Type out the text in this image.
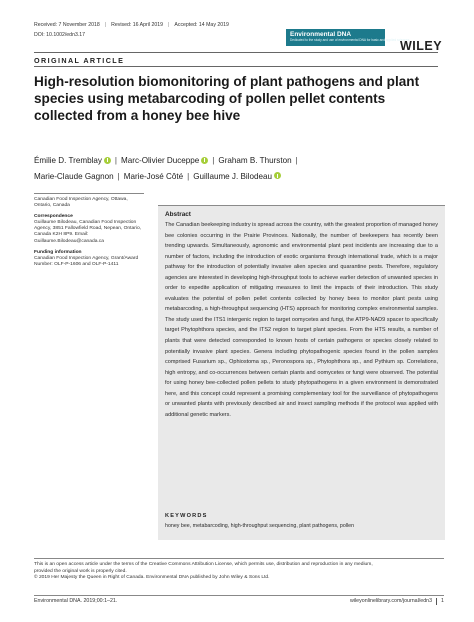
Received: 7 November 2018 | Revised: 16 April 2019 | Accepted: 14 May 2019
DOI: 10.1002/edn3.17	Environmental DNA
Dedicated to the study and use of environmental DNA for basic and applied sciences
WILEY
ORIGINAL ARTICLE
High-resolution biomonitoring of plant pathogens and plant species using metabarcoding of pollen pellet contents collected from a honey bee hive
Émilie D. Tremblay | Marc-Olivier Duceppe | Graham B. Thurston |
Marie-Claude Gagnon | Marie-José Côté | Guillaume J. Bilodeau
Canadian Food Inspection Agency, Ottawa, Ontario, Canada
Correspondence
Guillaume Bilodeau, Canadian Food Inspection Agency, 3851 Fallowfield Road, Nepean, Ontario, Canada K2H 8P9. Email: Guillaume.Bilodeau@canada.ca
Funding information
Canadian Food Inspection Agency, Grant/Award Number: OLF-P-1606 and OLF-P-1411
Abstract

The Canadian beekeeping industry is spread across the country, with the greatest proportion of managed honey bee colonies occurring in the Prairie Provinces. Nationally, the number of beekeepers has recently been trending upwards. Simultaneously, agronomic and environmental plant pest incidents are increasing due to a number of factors, including the introduction of exotic organisms through international trade, which is a major pathway for the introduction of potentially invasive alien species and quarantine pests. Therefore, regulatory agencies are interested in developing high-throughput tools to achieve earlier detection of unwanted species in order to expedite application of mitigating measures to limit the impacts of their introduction. This study evaluates the potential of pollen pellet contents collected by honey bees to monitor plant pests using metabarcoding, a high-throughput sequencing (HTS) approach for monitoring complex environmental samples. The study used the ITS1 intergenic region to target oomycetes and fungi, the ATP9-NAD9 spacer to specifically target Phytophthora species, and the ITS2 region to target plant species. From the HTS results, a number of plants that were detected corresponded to known hosts of certain pathogens or species closely related to potentially invasive plant species. Genera including phytopathogenic species found in the pollen samples comprised Fusarium sp., Ophiostoma sp., Peronospora sp., Phytophthora sp., and Pythium sp. Correlations, high entropy, and co-occurrences between certain plants and oomycetes or fungi were observed. The potential for using honey bee-collected pollen pellets to study phytopathogens in a given environment is demonstrated here, and this concept could represent a promising complementary tool for the surveillance of phytopathogens or unwanted plants with previously described air and insect sampling methods if the protocol was applied with additional genetic markers.

KEYWORDS
honey bee, metabarcoding, high-throughput sequencing, plant pathogens, pollen
This is an open access article under the terms of the Creative Commons Attribution License, which permits use, distribution and reproduction in any medium,
provided the original work is properly cited.
© 2019 Her Majesty the Queen in Right of Canada. Environmental DNA published by John Wiley & Sons Ltd.
Environmental DNA. 2019;00:1–21.	wileyonlinelibrary.com/journal/edn3 1
